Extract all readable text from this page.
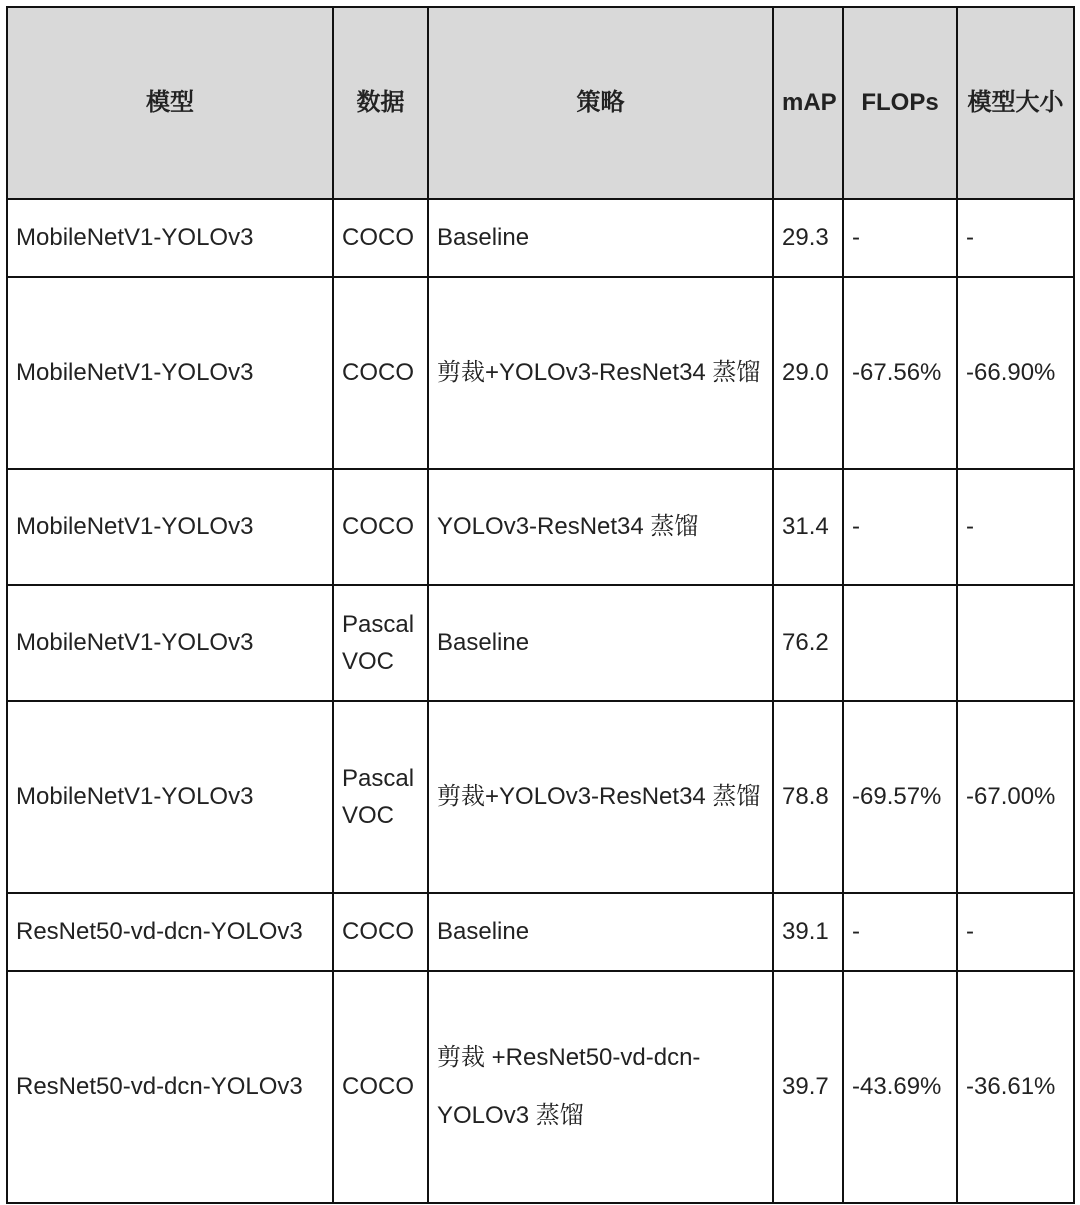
模型	数据	策略	mAP	FLOPs	模型大小

MobileNetV1-YOLOv3	COCO	Baseline	29.3	-	-
MobileNetV1-YOLOv3	COCO	剪裁+YOLOv3-ResNet34 蒸馏	29.0	-67.56%	-66.90%
MobileNetV1-YOLOv3	COCO	YOLOv3-ResNet34 蒸馏	31.4	-	-
MobileNetV1-YOLOv3	Pascal VOC	Baseline	76.2		
MobileNetV1-YOLOv3	Pascal VOC	剪裁+YOLOv3-ResNet34 蒸馏	78.8	-69.57%	-67.00%
ResNet50-vd-dcn-YOLOv3	COCO	Baseline	39.1	-	-
ResNet50-vd-dcn-YOLOv3	COCO	剪裁 +ResNet50-vd-dcn-YOLOv3 蒸馏	39.7	-43.69%	-36.61%
